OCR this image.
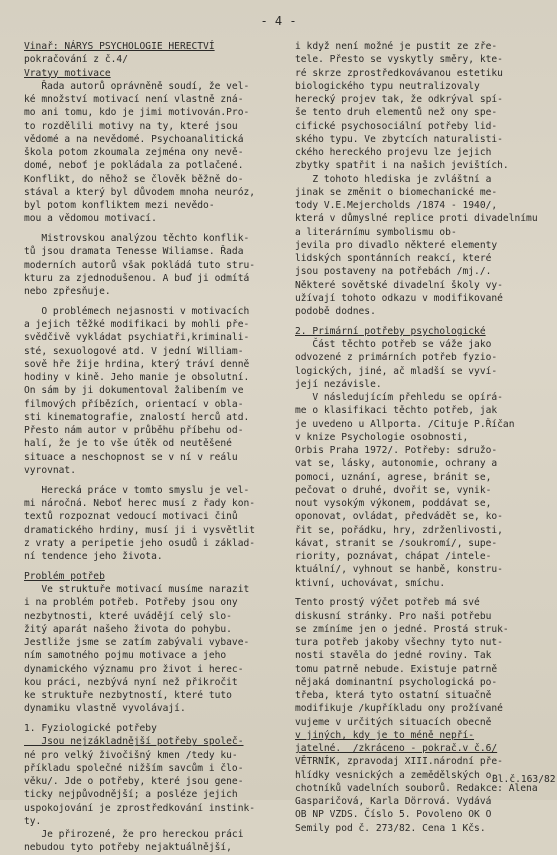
- 4 -
Vinař: NÁRYS PSYCHOLOGIE HERECTVÍ
pokračování z č.4/
Vratyy motivace
Řada autorů oprávněně soudí, že vel-
ké množství motivací není vlastně zná-
mo ani tomu, kdo je jimi motivován.Pro-
to rozdělili motivy na ty, které jsou
vědomé a na nevědomé. Psychoanalitická
škola potom zkoumala zejména ony nevě-
domé, neboť je pokládala za potlačené.
Konflikt, do něhož se člověk běžně do-
stával a který byl důvodem mnoha neuróz,
byl potom konfliktem mezi nevědo-
mou a vědomou motivací.
Mistrovskou analýzou těchto konflik-
tů jsou dramata Tenesse Wiliamse. Řada
moderních autorů však pokládá tuto stru-
kturu za zjednodušenou. A buď ji odmítá
nebo zpřesňuje.
O problémech nejasnosti v motivacích
a jejich těžké modifikaci by mohli pře-
svědčivě vykládat psychiatři,kriminali-
sté, sexuologové atd. V jední William-
sově hře žije hrdina, který tráví denně
hodiny v kině. Jeho manie je obsolutní.
On sám by ji dokumentoval žalibením ve
filmových příbězích, orientací v obla-
sti kinematografie, znalostí herců atd.
Přesto nám autor v průběhu příbehu od-
halí, že je to vše útěk od neutěšené
situace a neschopnost se v ní v reálu
vyrovnat.
Herecká práce v tomto smyslu je vel-
mi náročná. Neboť herec musí z řady kon-
textů rozpoznat vedoucí motivaci činů
dramatického hrdiny, musí ji i vysvětlit
z vraty a peripetie jeho osudů i základ-
ní tendence jeho života.
Problém potřeb
Ve struktuře motivací musíme narazit
i na problém potřeb. Potřeby jsou ony
nezbytnosti, které uvádějí celý slo-
žitý aparát našeho života do pohybu.
Jestliže jsme se zatím zabývali vybave-
ním samotného pojmu motivace a jeho
dynamického významu pro život i herec-
kou práci, nezbývá nyní než přikročit
ke struktuře nezbytností, které tuto
dynamiku vlastně vyvolávají.
1. Fyziologické potřeby
Jsou nejzákladnější potřeby společ-
né pro velký živočišný kmen /tedy ku-
příkladu společné nižším savcům i člo-
věku/. Jde o potřeby, které jsou gene-
ticky nejpůvodnější; a posléze jejich
uspokojování je zprostředkování instink-
ty.
Je přirozené, že pro hereckou práci
nebudou tyto potřeby nejaktuálnější,
i když není možné je pustit ze zře-
tele. Přesto se vyskytly směry, kte-
ré skrze zprostředkovávanou estetiku
biologického typu neutralizovaly
herecký projev tak, že odkrýval spí-
še tento druh elementů než ony spe-
cifické psychosociální potřeby lid-
ského typu. Ve zbytcích naturalisti-
ckého hereckého projevu lze jejich
zbytky spatřit i na našich jevištích.
Z tohoto hlediska je zvláštní a
jinak se změnit o biomechanické me-
tody V.E.Mejercholds /1874 - 1940/,
která v důmyslné replice proti divadelnímu
a literárnímu symbolismu ob-
jevila pro divadlo některé elementy
lidských spontánních reakcí, které
jsou postaveny na potřebách /mj./.
Některé sovětské divadelní školy vy-
užívají tohoto odkazu v modifikované
podobě dodnes.
2. Primární potřeby psychologické
Část těchto potřeb se váže jako
odvozené z primárních potřeb fyzio-
logických, jiné, ač mladší se vyví-
její nezávisle.
V následujícím přehledu se opírá-
me o klasifikaci těchto potřeb, jak
je uvedeno u Allporta. /Cituje P.Říčan
v knize Psychologie osobnosti,
Orbis Praha 1972/. Potřeby: sdružo-
vat se, lásky, autonomie, ochrany a
pomoci, uznání, agrese, bránit se,
pečovat o druhé, dvořit se, vynik-
nout vysokým výkonem, poddávat se,
oponovat, ovládat, předvádět se, ko-
řit se, pořádku, hry, zdrženlivosti,
kávat, stranit se /soukromí/, supe-
riority, poznávat, chápat /intele-
ktuální/, vyhnout se hanbě, konstru-
ktivní, uchovávat, smíchu.
Tento prostý výčet potřeb má své
diskusní stránky. Pro naši potřebu
se zmíníme jen o jedné. Prostá struk-
tura potřeb jakoby všechny tyto nut-
nosti stavěla do jedné roviny. Tak
tomu patrně nebude. Existuje patrně
nějaká dominantní psychologická po-
třeba, která tyto ostatní situačně
modifikuje /kupříkladu ony prožívané
vujeme v určitých situacích obecně
v jiných, kdy je to méně nepří-
jatelné.  /zkráceno - pokrač.v č.6/
VĚTRNÍK, zpravodaj XIII.národní pře-
hlídky vesnických a zemědělských o-
chotníků vadelních souborů. Redakce: Alena
Gasparičová, Karla Dörrová. Vydává
OB NP VZDS. Číslo 5. Povoleno OK O
Semily pod č. 273/82. Cena 1 Kčs.
Bl.č.163/82
